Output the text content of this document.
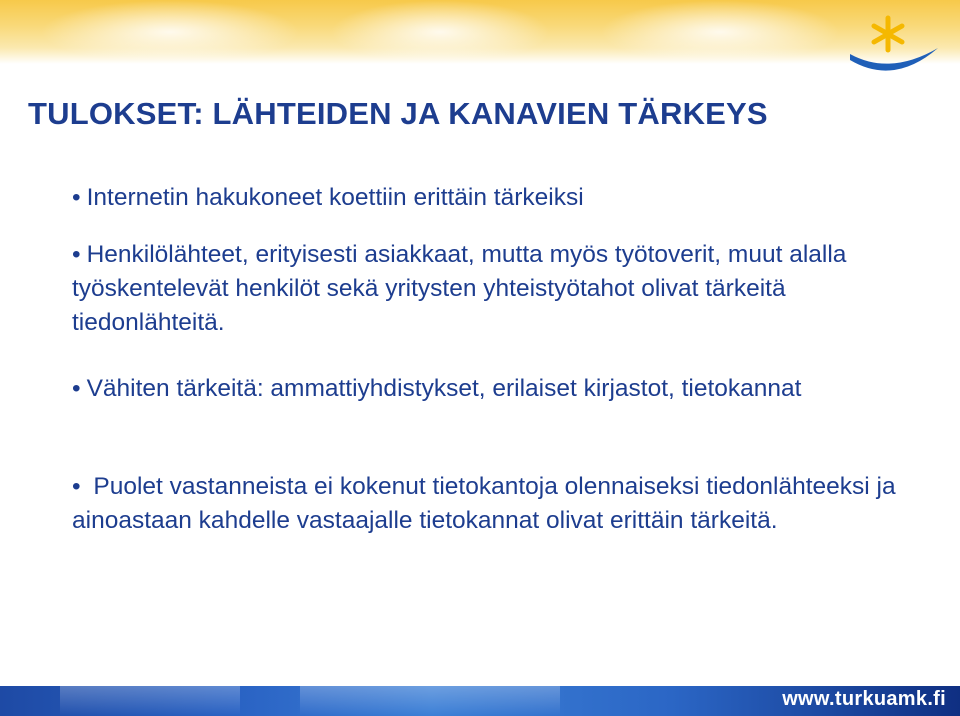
TULOKSET: LÄHTEIDEN JA KANAVIEN TÄRKEYS
• Internetin hakukoneet koettiin erittäin tärkeiksi
• Henkilölähteet, erityisesti asiakkaat, mutta myös työtoverit, muut alalla työskentelevät henkilöt sekä yritysten yhteistyötahot olivat tärkeitä tiedonlähteitä.
• Vähiten tärkeitä: ammattiyhdistykset, erilaiset kirjastot, tietokannat
• Puolet vastanneista ei kokenut tietokantoja olennaiseksi tiedonlähteeksi ja ainoastaan kahdelle vastaajalle tietokannat olivat erittäin tärkeitä.
www.turkuamk.fi
